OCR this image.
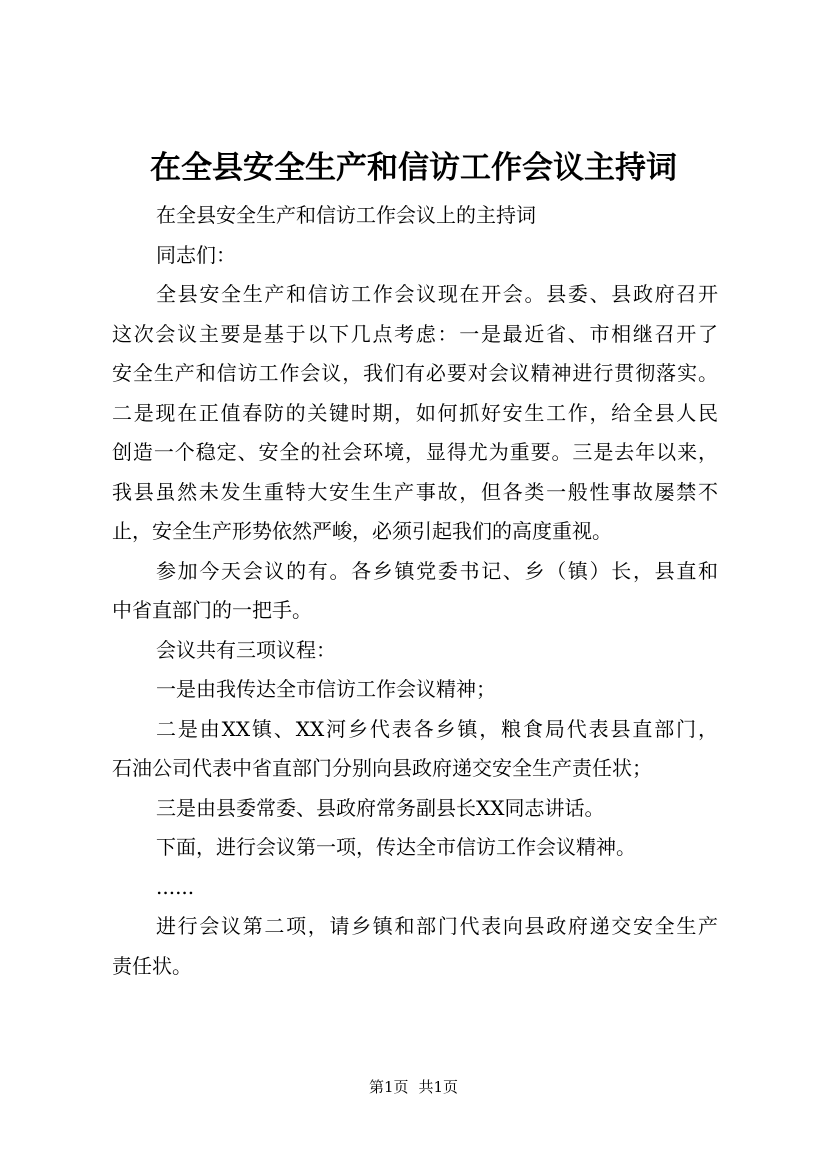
在全县安全生产和信访工作会议主持词
在全县安全生产和信访工作会议上的主持词
同志们：
全县安全生产和信访工作会议现在开会。县委、县政府召开
这次会议主要是基于以下几点考虑：一是最近省、市相继召开了
安全生产和信访工作会议，我们有必要对会议精神进行贯彻落实。
二是现在正值春防的关键时期，如何抓好安生工作，给全县人民
创造一个稳定、安全的社会环境，显得尤为重要。三是去年以来，
我县虽然未发生重特大安生生产事故，但各类一般性事故屡禁不
止，安全生产形势依然严峻，必须引起我们的高度重视。
参加今天会议的有。各乡镇党委书记、乡（镇）长，县直和
中省直部门的一把手。
会议共有三项议程：
一是由我传达全市信访工作会议精神；
二是由XX镇、XX河乡代表各乡镇，粮食局代表县直部门，
石油公司代表中省直部门分别向县政府递交安全生产责任状；
三是由县委常委、县政府常务副县长XX同志讲话。
下面，进行会议第一项，传达全市信访工作会议精神。
......
进行会议第二项，请乡镇和部门代表向县政府递交安全生产
责任状。
第1页 共1页
